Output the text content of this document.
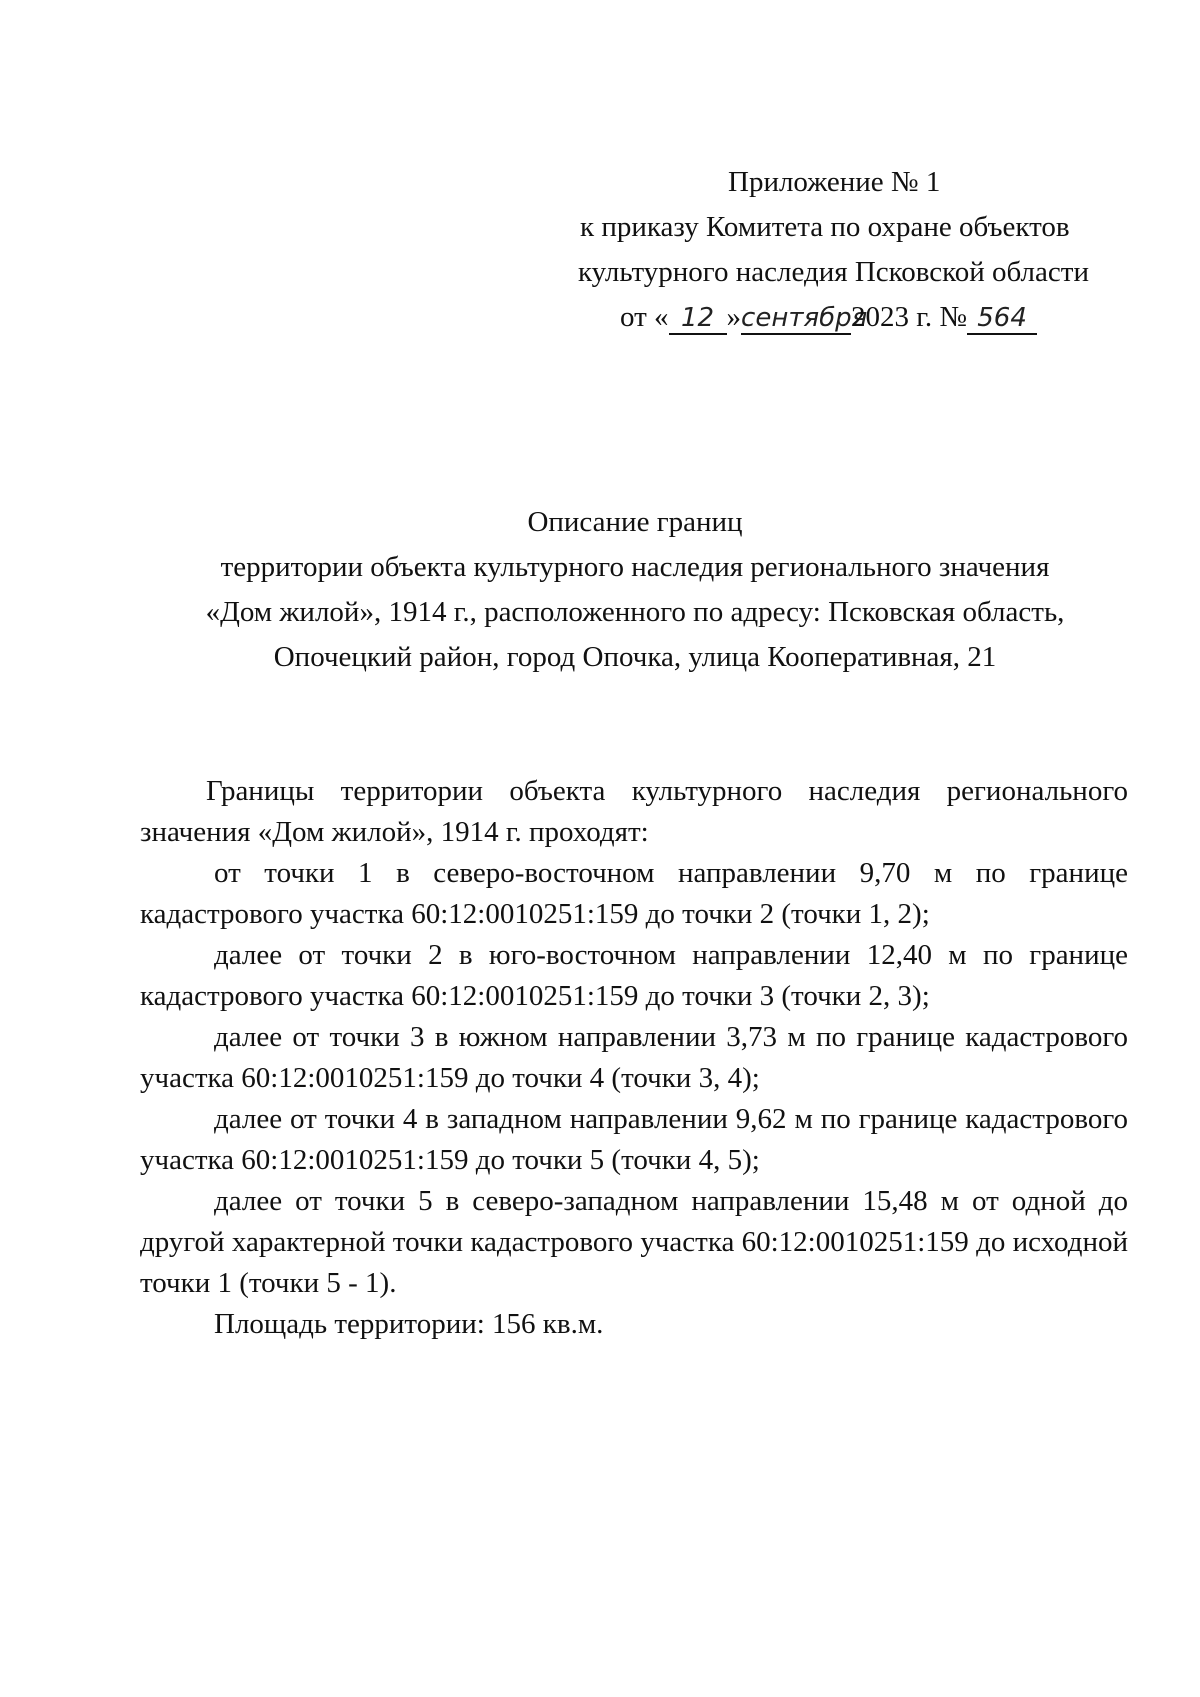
Приложение № 1
к приказу Комитета по охране объектов
культурного наследия Псковской области
от « 12 »сентября2023 г. № 564
Описание границ
территории объекта культурного наследия регионального значения
«Дом жилой», 1914 г., расположенного по адресу: Псковская область,
Опочецкий район, город Опочка, улица Кооперативная, 21

Границы территории объекта культурного наследия регионального значения «Дом жилой», 1914 г. проходят:

от точки 1 в северо-восточном направлении 9,70 м по границе кадастрового участка 60:12:0010251:159 до точки 2 (точки 1, 2);

далее от точки 2 в юго-восточном направлении 12,40 м по границе кадастрового участка 60:12:0010251:159 до точки 3 (точки 2, 3);

далее от точки 3 в южном направлении 3,73 м по границе кадастрового участка 60:12:0010251:159 до точки 4 (точки 3, 4);

далее от точки 4 в западном направлении 9,62 м по границе кадастрового участка 60:12:0010251:159 до точки 5 (точки 4, 5);

далее от точки 5 в северо-западном направлении 15,48 м от одной до другой характерной точки кадастрового участка 60:12:0010251:159 до исходной точки 1 (точки 5 - 1).

Площадь территории: 156 кв.м.
